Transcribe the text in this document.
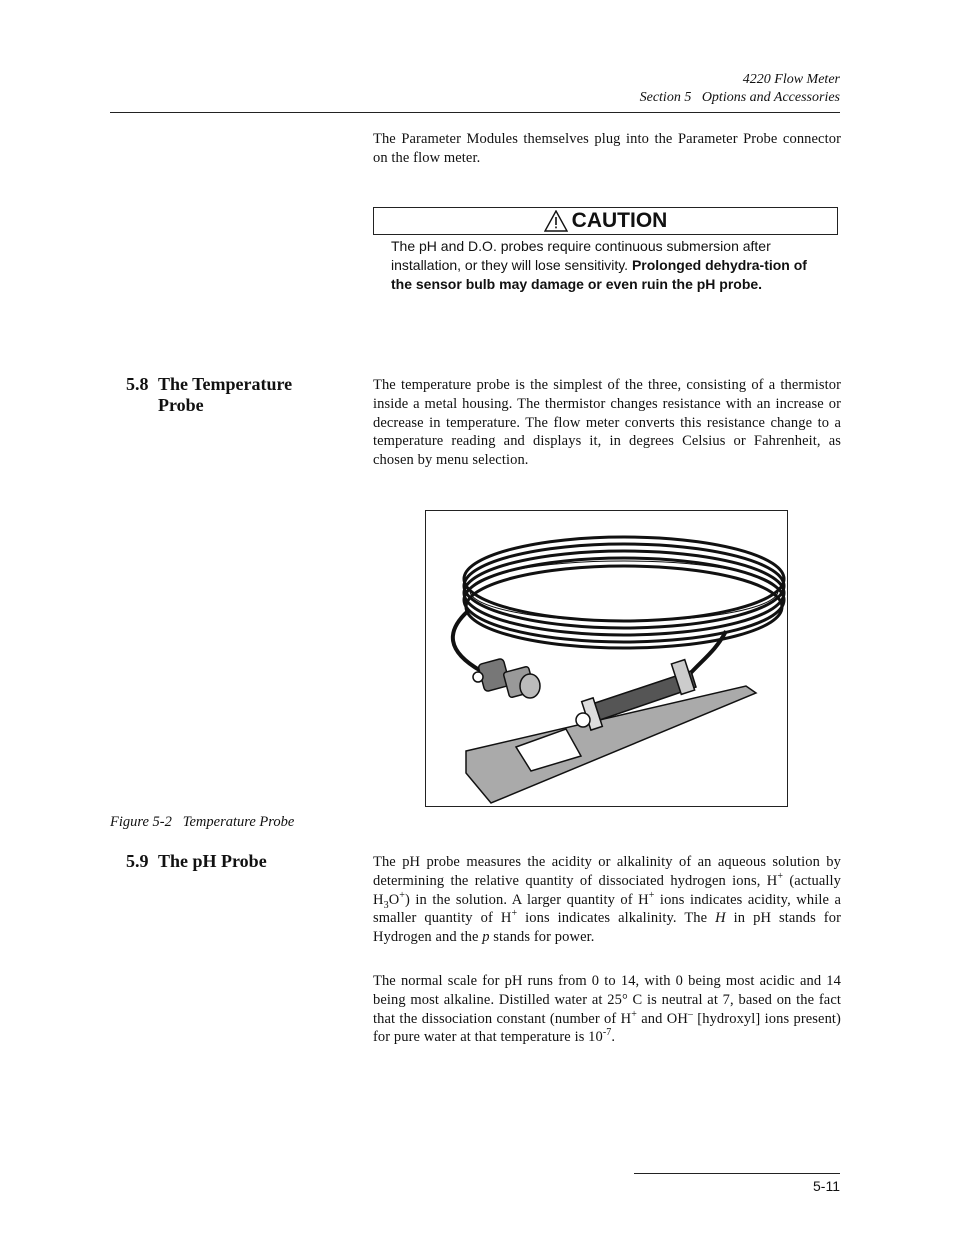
4220 Flow Meter
Section 5   Options and Accessories
The Parameter Modules themselves plug into the Parameter Probe connector on the flow meter.
CAUTION
The pH and D.O. probes require continuous submersion after installation, or they will lose sensitivity. Prolonged dehydra-tion of the sensor bulb may damage or even ruin the pH probe.
5.8 The Temperature
Probe
The temperature probe is the simplest of the three, consisting of a thermistor inside a metal housing. The thermistor changes resistance with an increase or decrease in temperature. The flow meter converts this resistance change to a temperature reading and displays it, in degrees Celsius or Fahrenheit, as chosen by menu selection.
Figure 5-2   Temperature Probe
5.9 The pH Probe	The pH probe measures the acidity or alkalinity of an aqueous solution by determining the relative quantity of dissociated hydrogen ions, H+ (actually $H_3O^+$) in the solution. A larger quantity of H+ ions indicates acidity, while a smaller quantity of H+ ions indicates alkalinity. The H in pH stands for Hydrogen and the p stands for power.
The normal scale for pH runs from 0 to 14, with 0 being most acidic and 14 being most alkaline. Distilled water at 25° C is neutral at 7, based on the fact that the dissociation constant (number of H+ and OH– [hydroxyl] ions present) for pure water at that temperature is $10^{-7}$.
5-11
